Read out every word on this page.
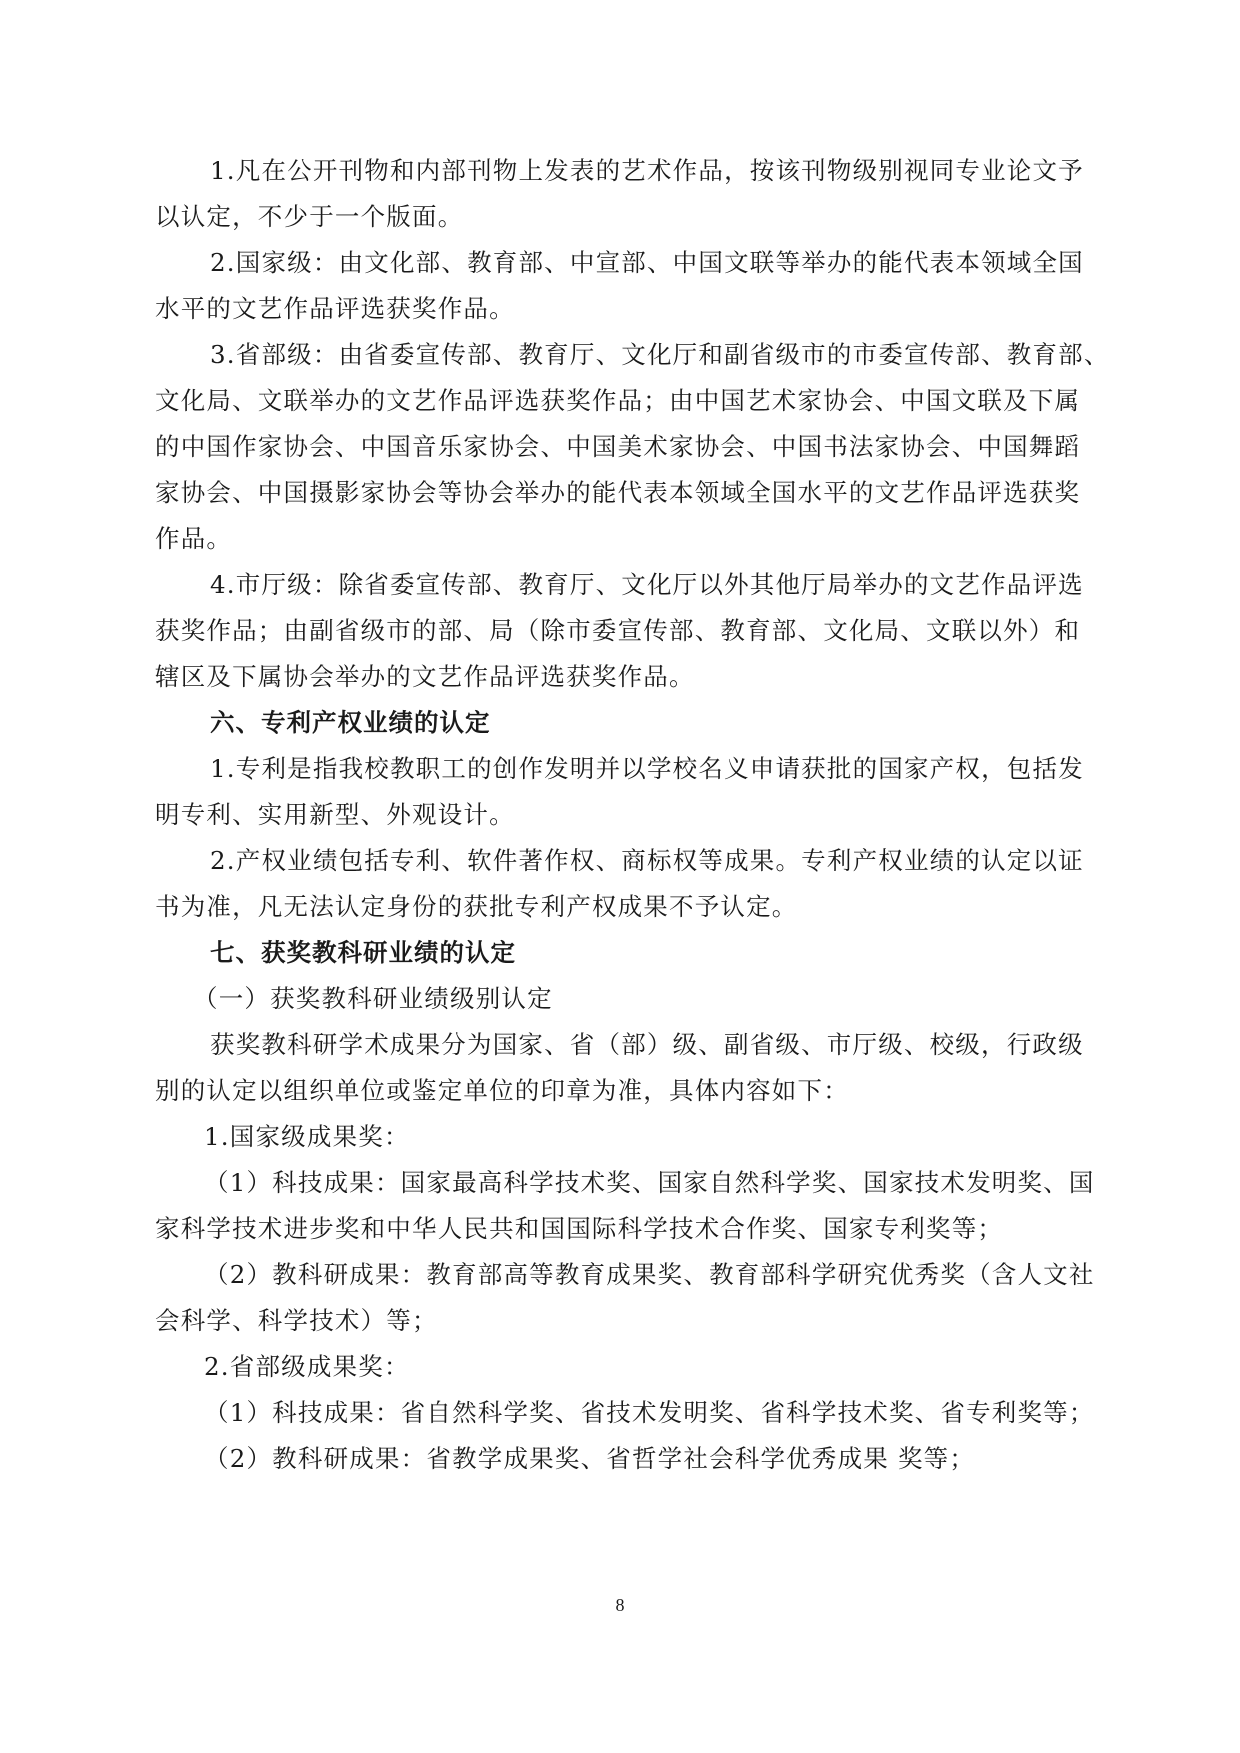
1.凡在公开刊物和内部刊物上发表的艺术作品，按该刊物级别视同专业论文予
以认定，不少于一个版面。
2.国家级：由文化部、教育部、中宣部、中国文联等举办的能代表本领域全国
水平的文艺作品评选获奖作品。
3.省部级：由省委宣传部、教育厅、文化厅和副省级市的市委宣传部、教育部、
文化局、文联举办的文艺作品评选获奖作品；由中国艺术家协会、中国文联及下属
的中国作家协会、中国音乐家协会、中国美术家协会、中国书法家协会、中国舞蹈
家协会、中国摄影家协会等协会举办的能代表本领域全国水平的文艺作品评选获奖
作品。
4.市厅级：除省委宣传部、教育厅、文化厅以外其他厅局举办的文艺作品评选
获奖作品；由副省级市的部、局（除市委宣传部、教育部、文化局、文联以外）和
辖区及下属协会举办的文艺作品评选获奖作品。
六、专利产权业绩的认定
1.专利是指我校教职工的创作发明并以学校名义申请获批的国家产权，包括发
明专利、实用新型、外观设计。
2.产权业绩包括专利、软件著作权、商标权等成果。专利产权业绩的认定以证
书为准，凡无法认定身份的获批专利产权成果不予认定。
七、获奖教科研业绩的认定
（一）获奖教科研业绩级别认定
获奖教科研学术成果分为国家、省（部）级、副省级、市厅级、校级，行政级
别的认定以组织单位或鉴定单位的印章为准，具体内容如下：
1.国家级成果奖：
（1）科技成果：国家最高科学技术奖、国家自然科学奖、国家技术发明奖、国
家科学技术进步奖和中华人民共和国国际科学技术合作奖、国家专利奖等；
（2）教科研成果：教育部高等教育成果奖、教育部科学研究优秀奖（含人文社
会科学、科学技术）等；
2.省部级成果奖：
（1）科技成果：省自然科学奖、省技术发明奖、省科学技术奖、省专利奖等；
（2）教科研成果：省教学成果奖、省哲学社会科学优秀成果 奖等；
8
